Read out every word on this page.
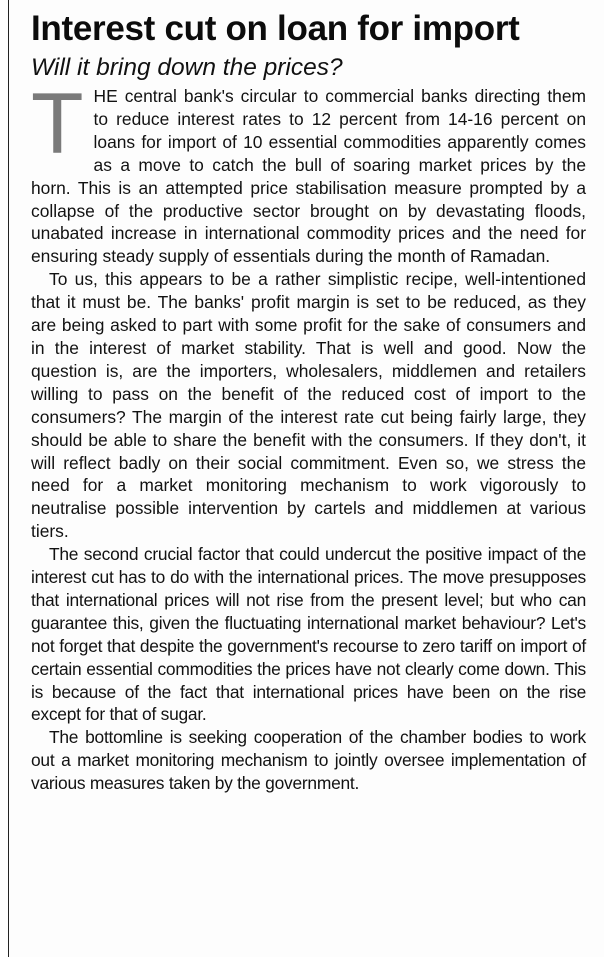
Interest cut on loan for import
Will it bring down the prices?

THE central bank's circular to commercial banks directing them to reduce interest rates to 12 percent from 14-16 percent on loans for import of 10 essential commodities apparently comes as a move to catch the bull of soaring market prices by the horn. This is an attempted price stabilisation measure prompted by a collapse of the productive sector brought on by devastating floods, unabated increase in international commodity prices and the need for ensuring steady supply of essentials during the month of Ramadan.

To us, this appears to be a rather simplistic recipe, well-intentioned that it must be. The banks' profit margin is set to be reduced, as they are being asked to part with some profit for the sake of consumers and in the interest of market stability. That is well and good. Now the question is, are the importers, wholesalers, middlemen and retailers willing to pass on the benefit of the reduced cost of import to the consumers? The margin of the interest rate cut being fairly large, they should be able to share the benefit with the consumers. If they don't, it will reflect badly on their social commitment. Even so, we stress the need for a market monitoring mechanism to work vigorously to neutralise possible intervention by cartels and middlemen at various tiers.

The second crucial factor that could undercut the positive impact of the interest cut has to do with the international prices. The move presupposes that international prices will not rise from the present level; but who can guarantee this, given the fluctuating international market behaviour? Let's not forget that despite the government's recourse to zero tariff on import of certain essential commodities the prices have not clearly come down. This is because of the fact that international prices have been on the rise except for that of sugar.

The bottomline is seeking cooperation of the chamber bodies to work out a market monitoring mechanism to jointly oversee implementation of various measures taken by the government.
